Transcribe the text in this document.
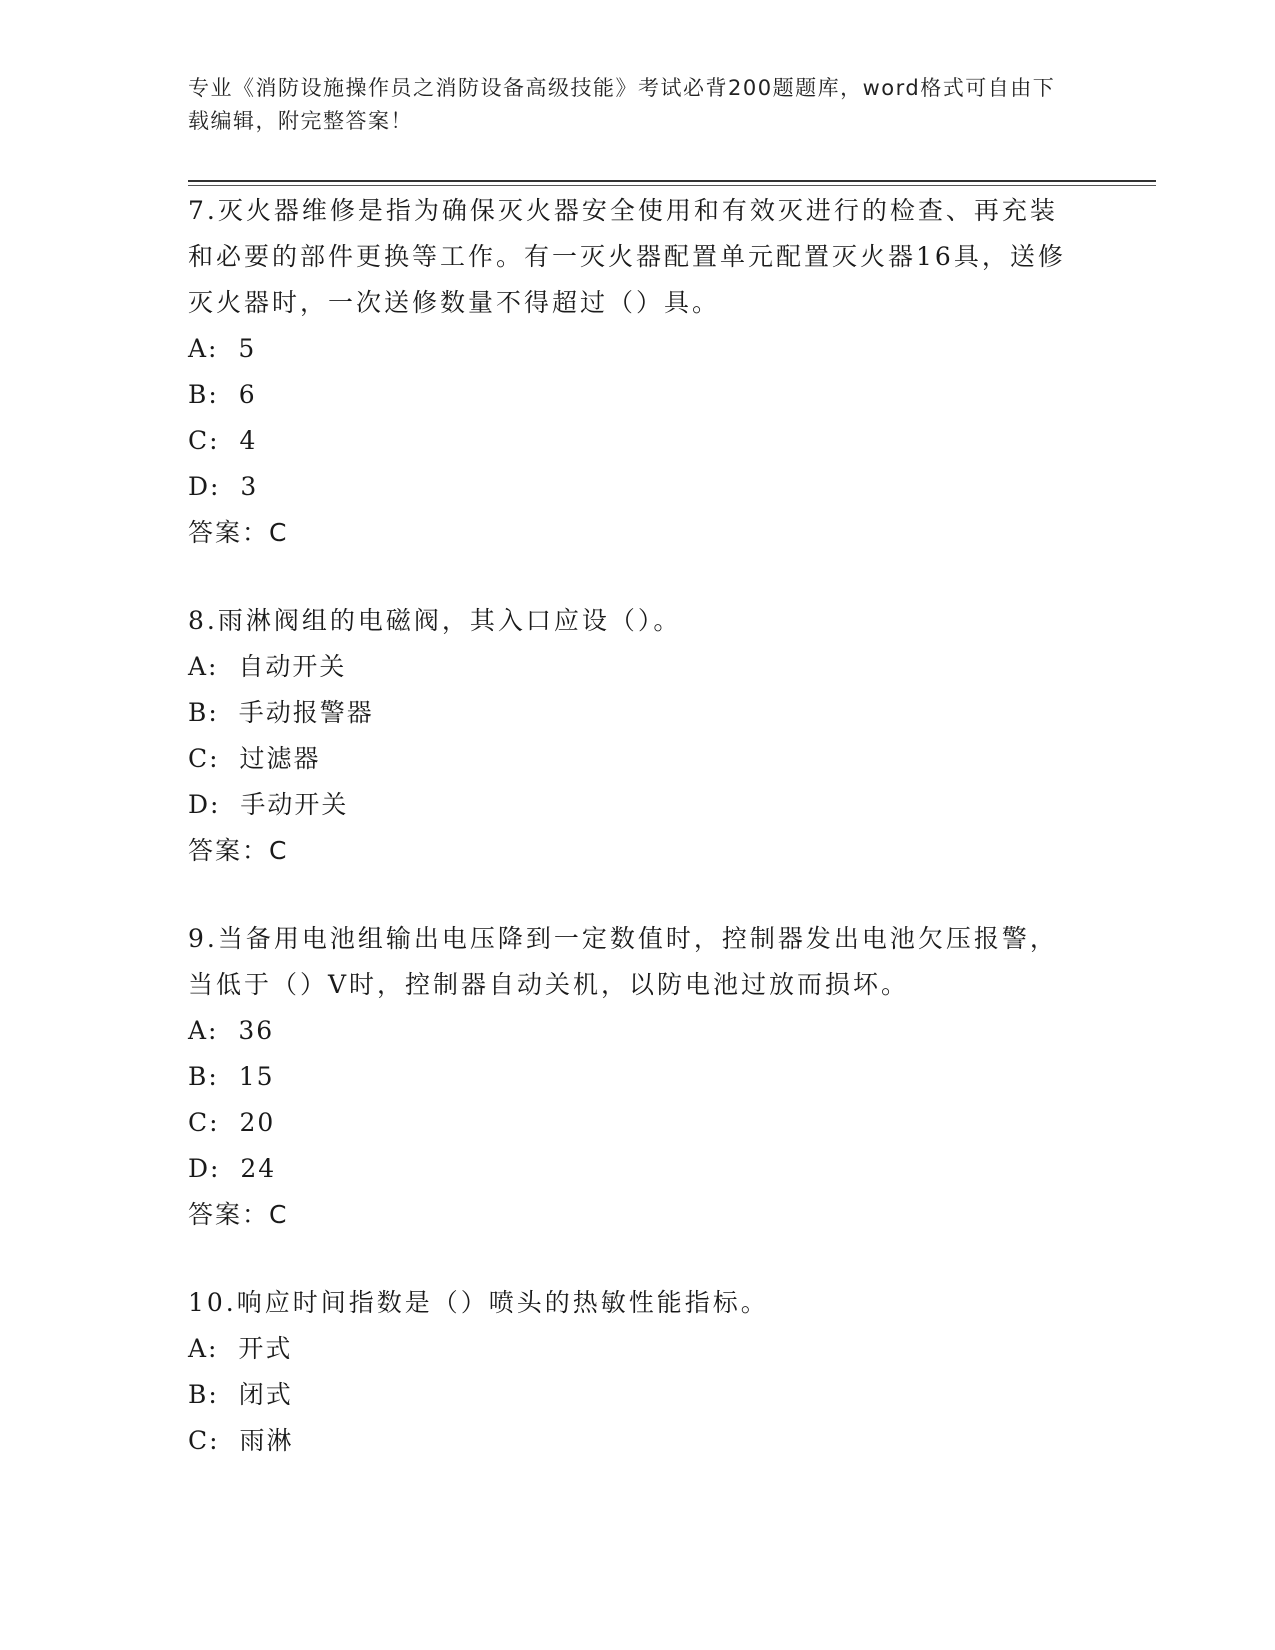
专业《消防设施操作员之消防设备高级技能》考试必背200题题库，word格式可自由下载编辑，附完整答案！

7.灭火器维修是指为确保灭火器安全使用和有效灭进行的检查、再充装和必要的部件更换等工作。有一灭火器配置单元配置灭火器16具，送修灭火器时，一次送修数量不得超过（）具。

A:  5

B:  6

C:  4

D:  3

答案：C

8.雨淋阀组的电磁阀，其入口应设（）。

A:  自动开关

B:  手动报警器

C:  过滤器

D:  手动开关

答案：C

9.当备用电池组输出电压降到一定数值时，控制器发出电池欠压报警，当低于（）V时，控制器自动关机，以防电池过放而损坏。

A:  36

B:  15

C:  20

D:  24

答案：C

10.响应时间指数是（）喷头的热敏性能指标。

A:  开式

B:  闭式

C:  雨淋
